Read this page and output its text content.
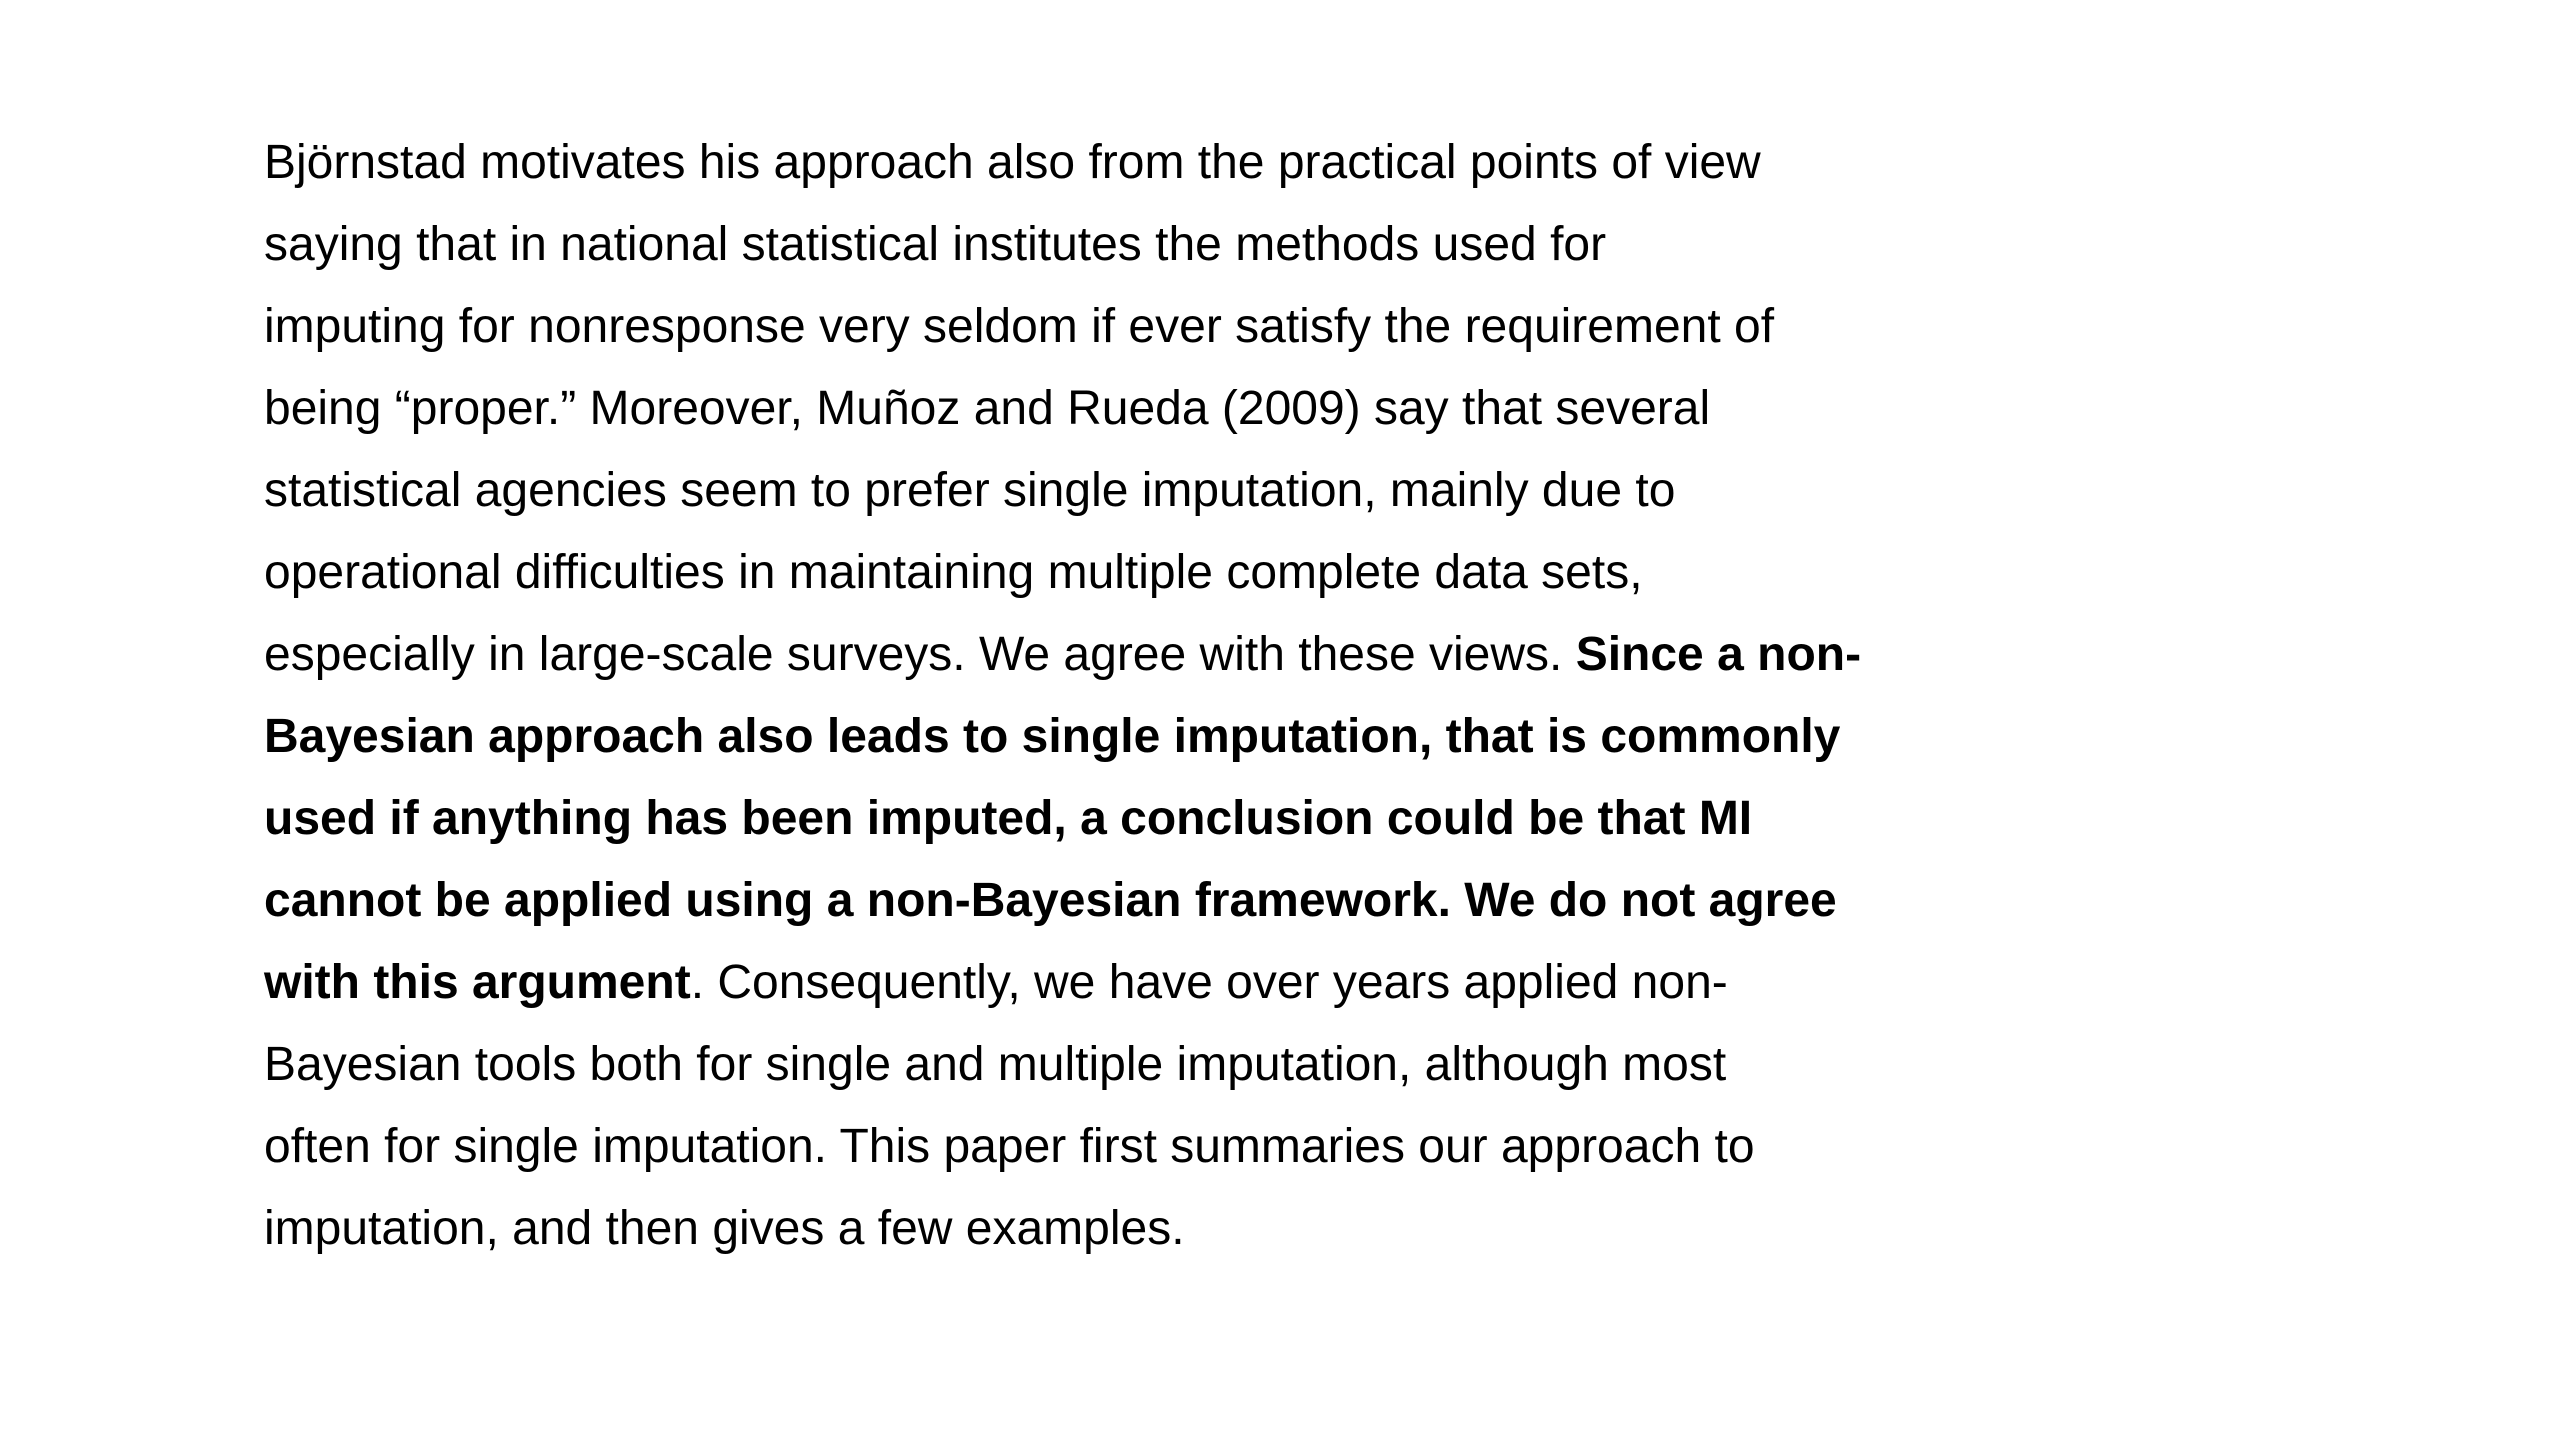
Björnstad motivates his approach also from the practical points of view
saying that in national statistical institutes the methods used for
imputing for nonresponse very seldom if ever satisfy the requirement of
being “proper.” Moreover, Muñoz and Rueda (2009) say that several
statistical agencies seem to prefer single imputation, mainly due to
operational difficulties in maintaining multiple complete data sets,
especially in large-scale surveys. We agree with these views. Since a non-
Bayesian approach also leads to single imputation, that is commonly
used if anything has been imputed, a conclusion could be that MI
cannot be applied using a non-Bayesian framework. We do not agree
with this argument. Consequently, we have over years applied non-
Bayesian tools both for single and multiple imputation, although most
often for single imputation. This paper first summaries our approach to
imputation, and then gives a few examples.
